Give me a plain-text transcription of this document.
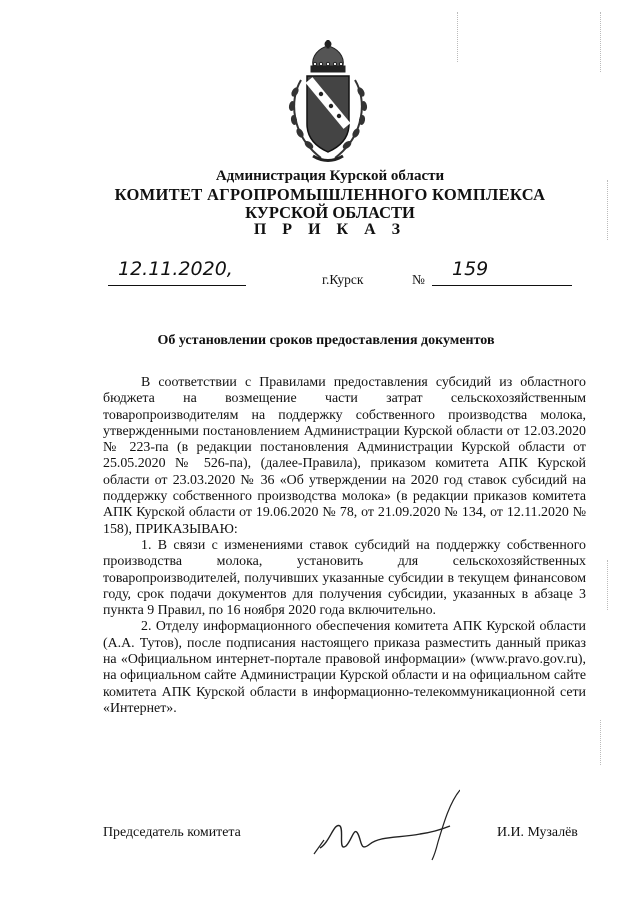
Администрация Курской области

КОМИТЕТ АГРОПРОМЫШЛЕННОГО КОМПЛЕКСА

КУРСКОЙ ОБЛАСТИ

П Р И К А З

12.11.2020,	г.Курск	№ 159
Об установлении сроков предоставления документов

В соответствии с Правилами предоставления субсидий из областного бюджета на возмещение части затрат сельскохозяйственным товаропроизводителям на поддержку собственного производства молока, утвержденными постановлением Администрации Курской области от 12.03.2020 № 223-па (в редакции постановления Администрации Курской области от 25.05.2020 № 526-па), (далее-Правила), приказом комитета АПК Курской области от 23.03.2020 № 36 «Об утверждении на 2020 год ставок субсидий на поддержку собственного производства молока» (в редакции приказов комитета АПК Курской области от 19.06.2020 № 78, от 21.09.2020 № 134, от 12.11.2020 № 158), ПРИКАЗЫВАЮ:

1. В связи с изменениями ставок субсидий на поддержку собственного производства молока, установить для сельскохозяйственных товаропроизводителей, получивших указанные субсидии в текущем финансовом году, срок подачи документов для получения субсидии, указанных в абзаце 3 пункта 9 Правил, по 16 ноября 2020 года включительно.

2. Отделу информационного обеспечения комитета АПК Курской области (А.А. Тутов), после подписания настоящего приказа разместить данный приказ на «Официальном интернет-портале правовой информации» (www.pravo.gov.ru), на официальном сайте Администрации Курской области и на официальном сайте комитета АПК Курской области в информационно-телекоммуникационной сети «Интернет».

Председатель комитета	И.И. Музалёв
